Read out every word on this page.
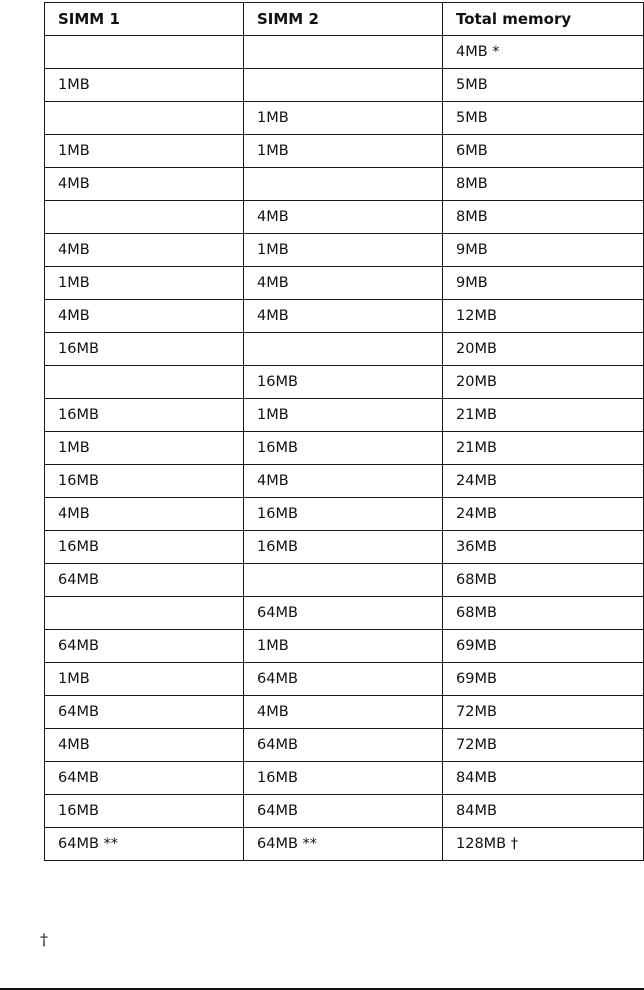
SIMM 1	SIMM 2	Total memory
		4MB *
1MB		5MB
	1MB	5MB
1MB	1MB	6MB
4MB		8MB
	4MB	8MB
4MB	1MB	9MB
1MB	4MB	9MB
4MB	4MB	12MB
16MB		20MB
	16MB	20MB
16MB	1MB	21MB
1MB	16MB	21MB
16MB	4MB	24MB
4MB	16MB	24MB
16MB	16MB	36MB
64MB		68MB
	64MB	68MB
64MB	1MB	69MB
1MB	64MB	69MB
64MB	4MB	72MB
4MB	64MB	72MB
64MB	16MB	84MB
16MB	64MB	84MB
64MB **	64MB **	128MB †
†
